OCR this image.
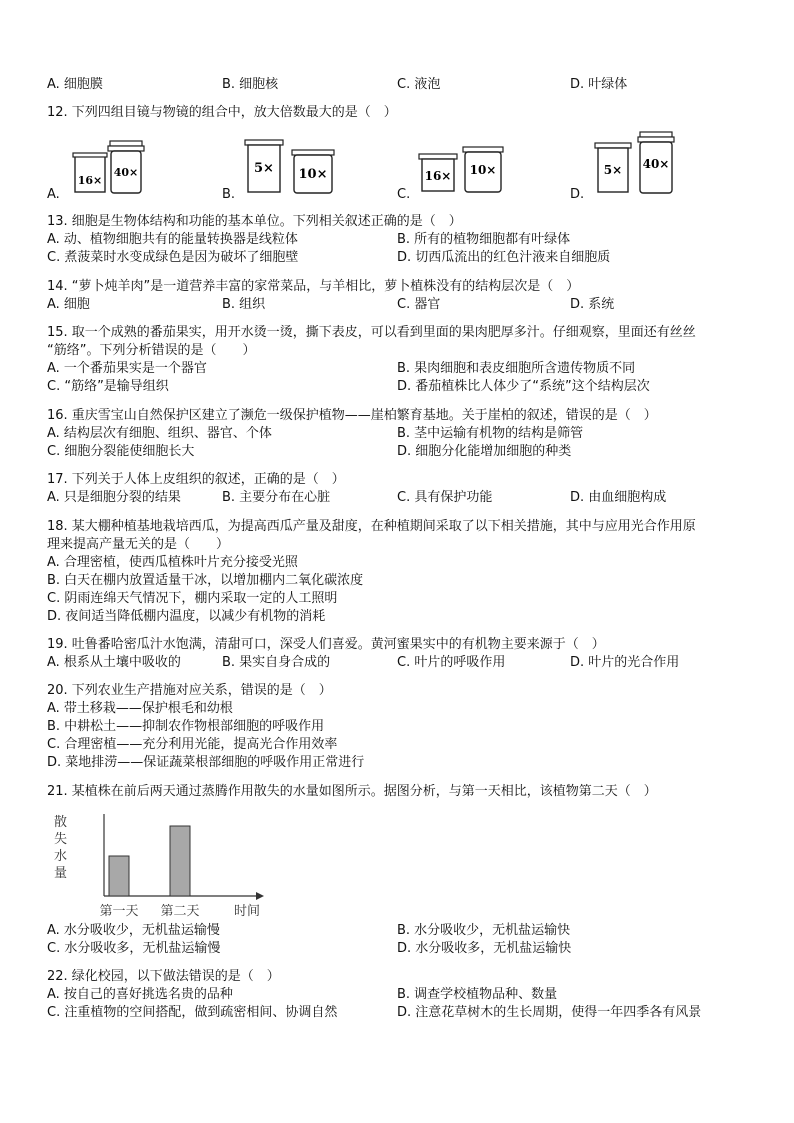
A. 细胞膜	B. 细胞核	C. 液泡	D. 叶绿体
12. 下列四组目镜与物镜的组合中，放大倍数最大的是（　）
A.
16×
40×
B.
5× 10×
C.
16× 10×
D.
5× 40×
13. 细胞是生物体结构和功能的基本单位。下列相关叙述正确的是（　）
A. 动、植物细胞共有的能量转换器是线粒体	B. 所有的植物细胞都有叶绿体
C. 煮菠菜时水变成绿色是因为破坏了细胞壁	D. 切西瓜流出的红色汁液来自细胞质
14. “萝卜炖羊肉”是一道营养丰富的家常菜品，与羊相比，萝卜植株没有的结构层次是（　）
A. 细胞	B. 组织	C. 器官	D. 系统
15. 取一个成熟的番茄果实，用开水烫一烫，撕下表皮，可以看到里面的果肉肥厚多汁。仔细观察，里面还有丝丝
“筋络”。下列分析错误的是（　　）
A. 一个番茄果实是一个器官	B. 果肉细胞和表皮细胞所含遗传物质不同
C. “筋络”是输导组织	D. 番茄植株比人体少了“系统”这个结构层次
16. 重庆雪宝山自然保护区建立了濒危一级保护植物——崖柏繁育基地。关于崖柏的叙述，错误的是（　）
A. 结构层次有细胞、组织、器官、个体	B. 茎中运输有机物的结构是筛管
C. 细胞分裂能使细胞长大	D. 细胞分化能增加细胞的种类
17. 下列关于人体上皮组织的叙述，正确的是（　）
A. 只是细胞分裂的结果	B. 主要分布在心脏	C. 具有保护功能	D. 由血细胞构成
18. 某大棚种植基地栽培西瓜，为提高西瓜产量及甜度，在种植期间采取了以下相关措施，其中与应用光合作用原
理来提高产量无关的是（　　）
A. 合理密植，使西瓜植株叶片充分接受光照
B. 白天在棚内放置适量干冰，以增加棚内二氧化碳浓度
C. 阴雨连绵天气情况下，棚内采取一定的人工照明
D. 夜间适当降低棚内温度，以减少有机物的消耗
19. 吐鲁番哈密瓜汁水饱满，清甜可口，深受人们喜爱。黄河蜜果实中的有机物主要来源于（　）
A. 根系从土壤中吸收的	B. 果实自身合成的	C. 叶片的呼吸作用	D. 叶片的光合作用
20. 下列农业生产措施对应关系，错误的是（　）
A. 带土移栽——保护根毛和幼根
B. 中耕松土——抑制农作物根部细胞的呼吸作用
C. 合理密植——充分利用光能，提高光合作用效率
D. 菜地排涝——保证蔬菜根部细胞的呼吸作用正常进行
21. 某植株在前后两天通过蒸腾作用散失的水量如图所示。据图分析，与第一天相比，该植物第二天（　）
散
失
水
量
第一天 第二天	时间
A. 水分吸收少，无机盐运输慢	B. 水分吸收少，无机盐运输快
C. 水分吸收多，无机盐运输慢	D. 水分吸收多，无机盐运输快
22. 绿化校园，以下做法错误的是（　）
A. 按自己的喜好挑选名贵的品种	B. 调查学校植物品种、数量
C. 注重植物的空间搭配，做到疏密相间、协调自然	D. 注意花草树木的生长周期，使得一年四季各有风景
